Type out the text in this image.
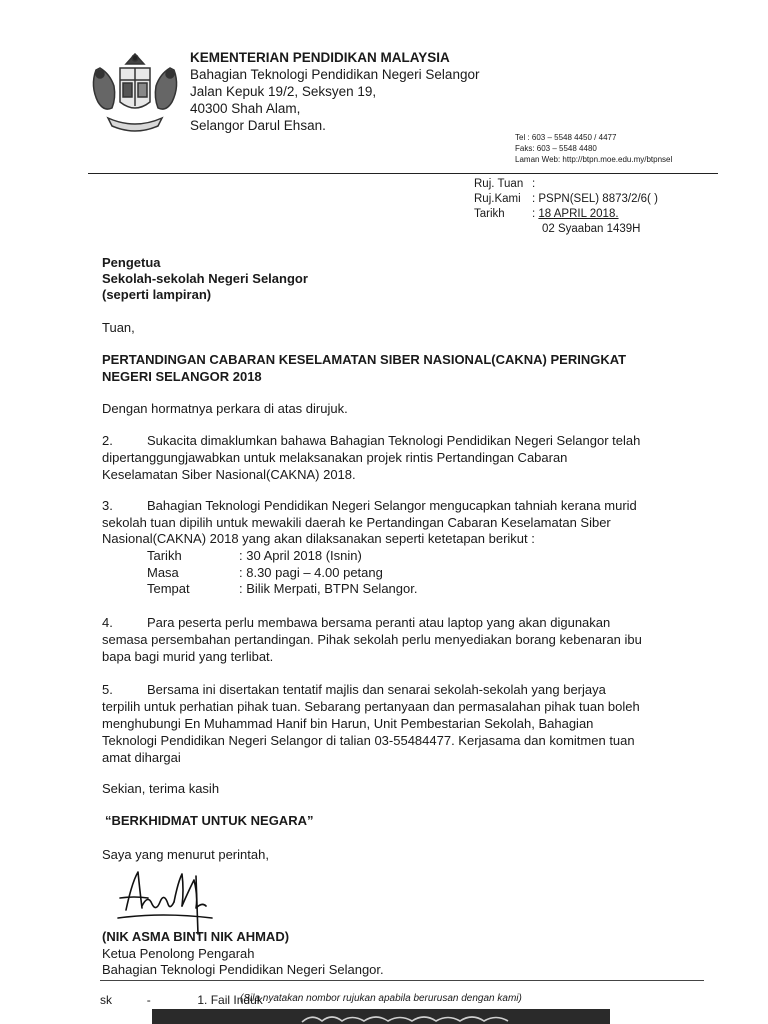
KEMENTERIAN PENDIDIKAN MALAYSIA
Bahagian Teknologi Pendidikan Negeri Selangor
Jalan Kepuk 19/2, Seksyen 19,
40300 Shah Alam,
Selangor Darul Ehsan.
Tel : 603 – 5548 4450 / 4477
Faks: 603 – 5548 4480
Laman Web: http://btpn.moe.edu.my/btpnsel
Ruj. Tuan :
Ruj.Kami : PSPN(SEL) 8873/2/6( )
Tarikh : 18 APRIL 2018.
02 Syaaban 1439H
Pengetua
Sekolah-sekolah Negeri Selangor
(seperti lampiran)
Tuan,
PERTANDINGAN CABARAN KESELAMATAN SIBER NASIONAL(CAKNA) PERINGKAT
NEGERI SELANGOR 2018
Dengan hormatnya perkara di atas dirujuk.
2.	Sukacita dimaklumkan bahawa Bahagian Teknologi Pendidikan Negeri Selangor telah
dipertanggungjawabkan untuk melaksanakan projek rintis Pertandingan Cabaran
Keselamatan Siber Nasional(CAKNA) 2018.
3.	Bahagian Teknologi Pendidikan Negeri Selangor mengucapkan tahniah kerana murid
sekolah tuan dipilih untuk mewakili daerah ke Pertandingan Cabaran Keselamatan Siber
Nasional(CAKNA) 2018 yang akan dilaksanakan seperti ketetapan berikut :
Tarikh	: 30 April 2018 (Isnin)
Masa	: 8.30 pagi – 4.00 petang
Tempat	: Bilik Merpati, BTPN Selangor.
4.	Para peserta perlu membawa bersama peranti atau laptop yang akan digunakan
semasa persembahan pertandingan. Pihak sekolah perlu menyediakan borang kebenaran ibu
bapa bagi murid yang terlibat.
5.	Bersama ini disertakan tentatif majlis dan senarai sekolah-sekolah yang berjaya
terpilih untuk perhatian pihak tuan. Sebarang pertanyaan dan permasalahan pihak tuan boleh
menghubungi En Muhammad Hanif bin Harun, Unit Pembestarian Sekolah, Bahagian
Teknologi Pendidikan Negeri Selangor di talian 03-55484477. Kerjasama dan komitmen tuan
amat dihargai
Sekian, terima kasih
“BERKHIDMAT UNTUK NEGARA”
Saya yang menurut perintah,
(NIK ASMA BINTI NIK AHMAD)
Ketua Penolong Pengarah
Bahagian Teknologi Pendidikan Negeri Selangor.
sk	-	1. Fail Induk
(Sila nyatakan nombor rujukan apabila berurusan dengan kami)
